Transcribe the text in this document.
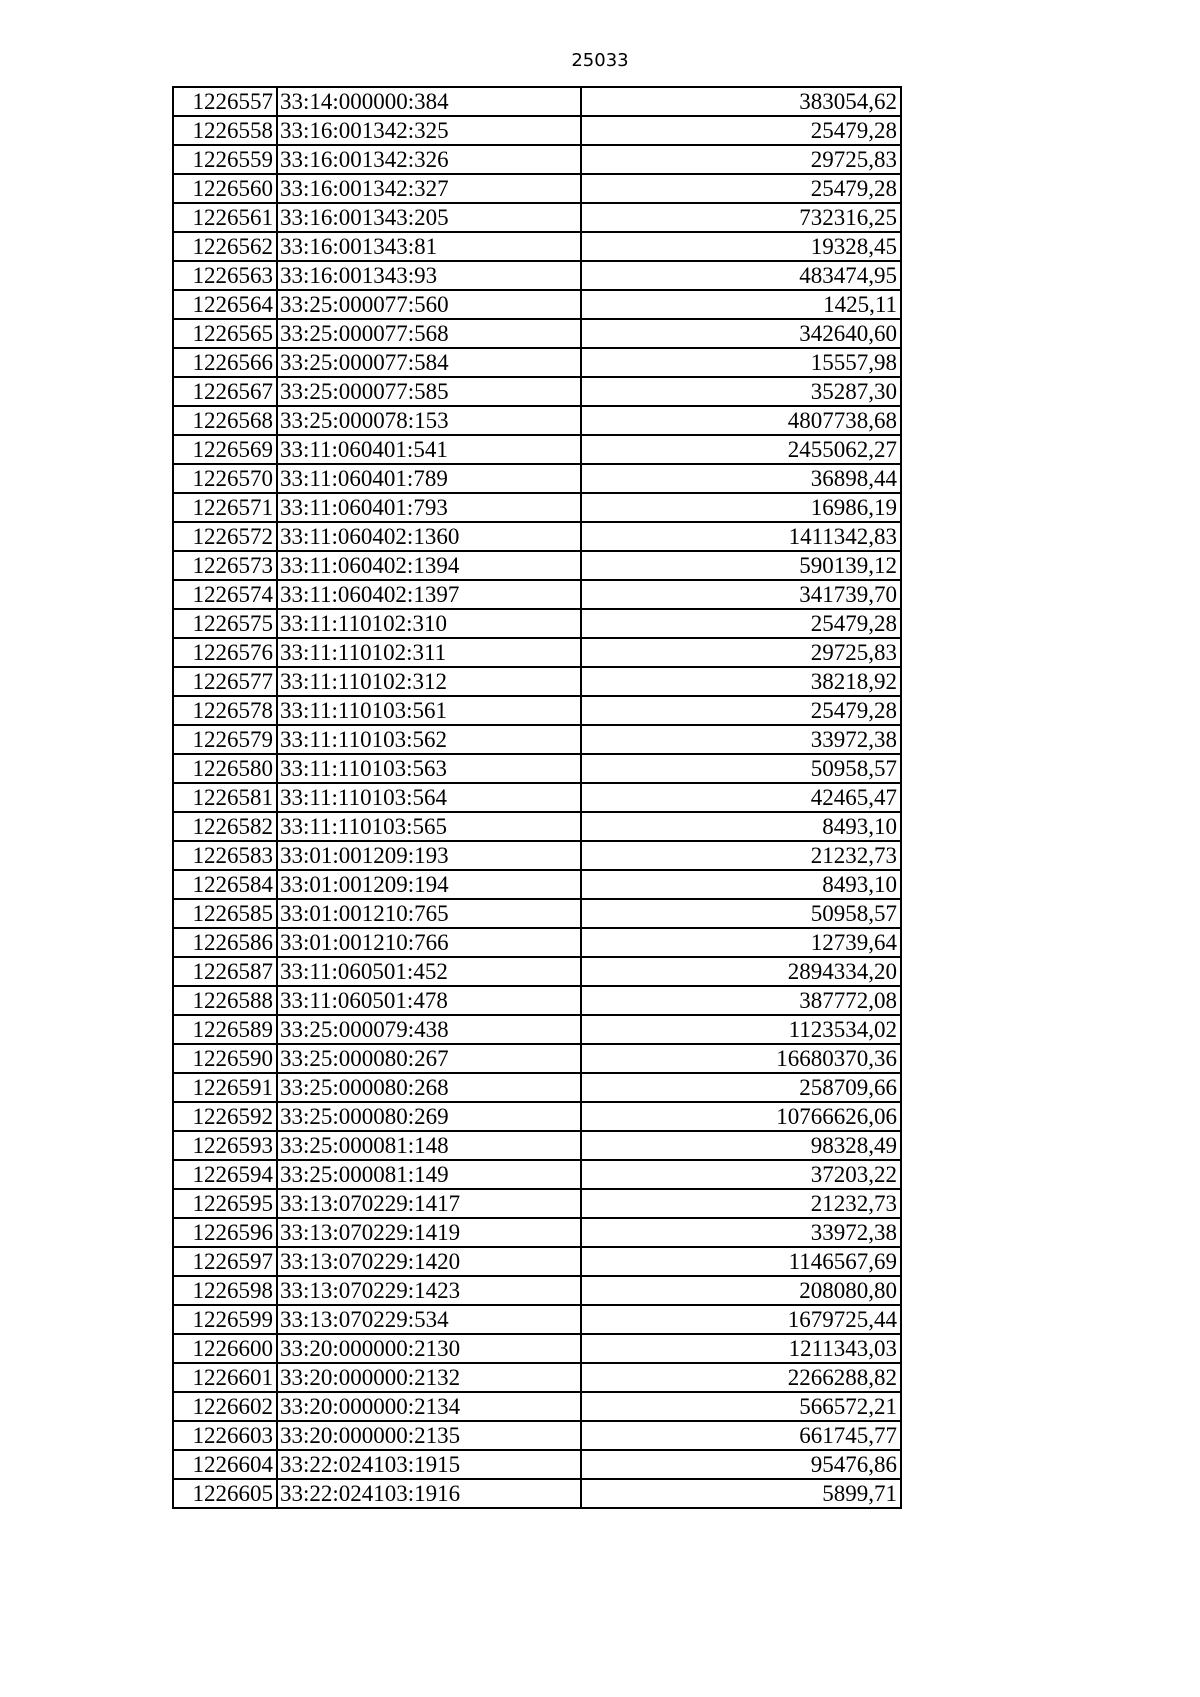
25033
1226557	33:14:000000:384	383054,62
1226558	33:16:001342:325	25479,28
1226559	33:16:001342:326	29725,83
1226560	33:16:001342:327	25479,28
1226561	33:16:001343:205	732316,25
1226562	33:16:001343:81	19328,45
1226563	33:16:001343:93	483474,95
1226564	33:25:000077:560	1425,11
1226565	33:25:000077:568	342640,60
1226566	33:25:000077:584	15557,98
1226567	33:25:000077:585	35287,30
1226568	33:25:000078:153	4807738,68
1226569	33:11:060401:541	2455062,27
1226570	33:11:060401:789	36898,44
1226571	33:11:060401:793	16986,19
1226572	33:11:060402:1360	1411342,83
1226573	33:11:060402:1394	590139,12
1226574	33:11:060402:1397	341739,70
1226575	33:11:110102:310	25479,28
1226576	33:11:110102:311	29725,83
1226577	33:11:110102:312	38218,92
1226578	33:11:110103:561	25479,28
1226579	33:11:110103:562	33972,38
1226580	33:11:110103:563	50958,57
1226581	33:11:110103:564	42465,47
1226582	33:11:110103:565	8493,10
1226583	33:01:001209:193	21232,73
1226584	33:01:001209:194	8493,10
1226585	33:01:001210:765	50958,57
1226586	33:01:001210:766	12739,64
1226587	33:11:060501:452	2894334,20
1226588	33:11:060501:478	387772,08
1226589	33:25:000079:438	1123534,02
1226590	33:25:000080:267	16680370,36
1226591	33:25:000080:268	258709,66
1226592	33:25:000080:269	10766626,06
1226593	33:25:000081:148	98328,49
1226594	33:25:000081:149	37203,22
1226595	33:13:070229:1417	21232,73
1226596	33:13:070229:1419	33972,38
1226597	33:13:070229:1420	1146567,69
1226598	33:13:070229:1423	208080,80
1226599	33:13:070229:534	1679725,44
1226600	33:20:000000:2130	1211343,03
1226601	33:20:000000:2132	2266288,82
1226602	33:20:000000:2134	566572,21
1226603	33:20:000000:2135	661745,77
1226604	33:22:024103:1915	95476,86
1226605	33:22:024103:1916	5899,71
